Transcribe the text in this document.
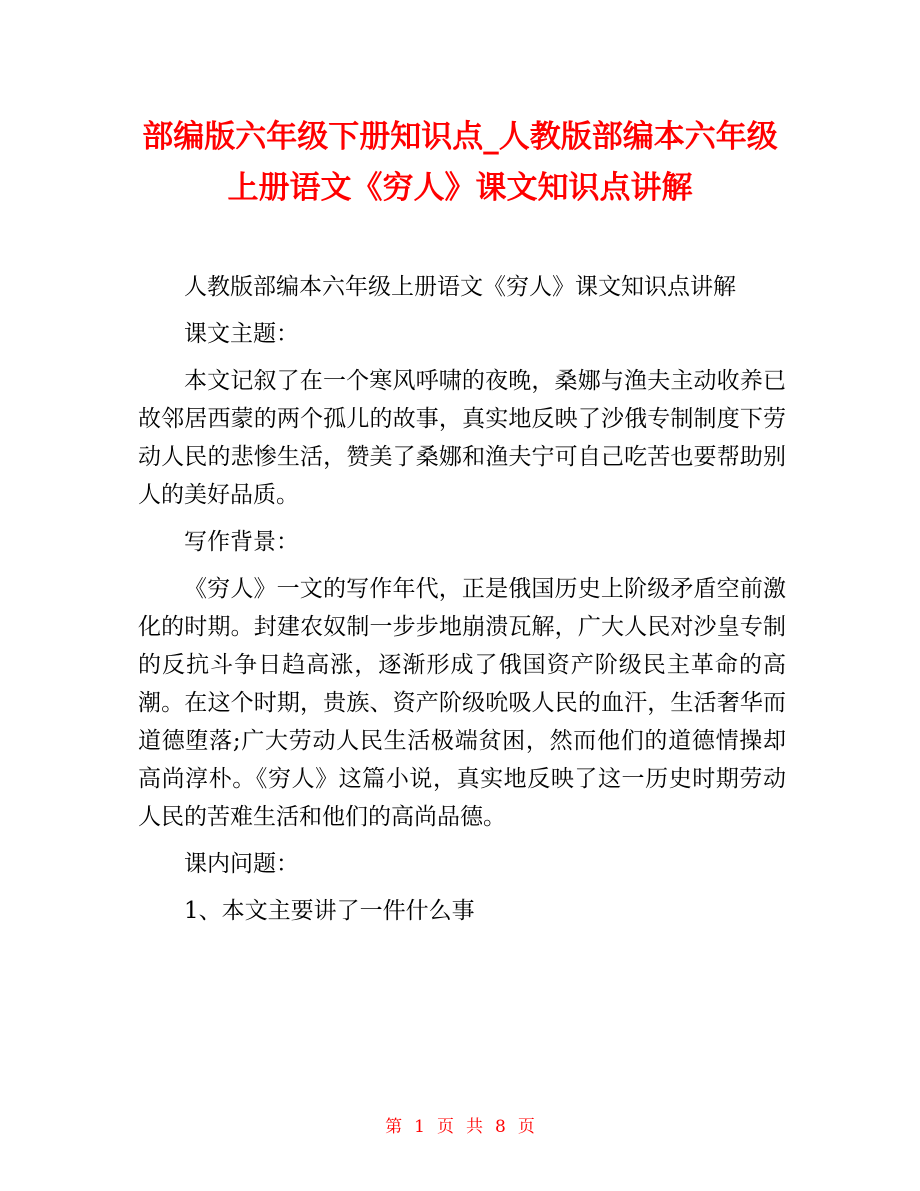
部编版六年级下册知识点_人教版部编本六年级
上册语文《穷人》课文知识点讲解

人教版部编本六年级上册语文《穷人》课文知识点讲解

课文主题：

本文记叙了在一个寒风呼啸的夜晚，桑娜与渔夫主动收养已故邻居西蒙的两个孤儿的故事，真实地反映了沙俄专制制度下劳动人民的悲惨生活，赞美了桑娜和渔夫宁可自己吃苦也要帮助别人的美好品质。

写作背景：

《穷人》一文的写作年代，正是俄国历史上阶级矛盾空前激化的时期。封建农奴制一步步地崩溃瓦解，广大人民对沙皇专制的反抗斗争日趋高涨，逐渐形成了俄国资产阶级民主革命的高潮。在这个时期，贵族、资产阶级吮吸人民的血汗，生活奢华而道德堕落;广大劳动人民生活极端贫困，然而他们的道德情操却高尚淳朴。《穷人》这篇小说，真实地反映了这一历史时期劳动人民的苦难生活和他们的高尚品德。

课内问题：

1、本文主要讲了一件什么事

第 1 页 共 8 页
